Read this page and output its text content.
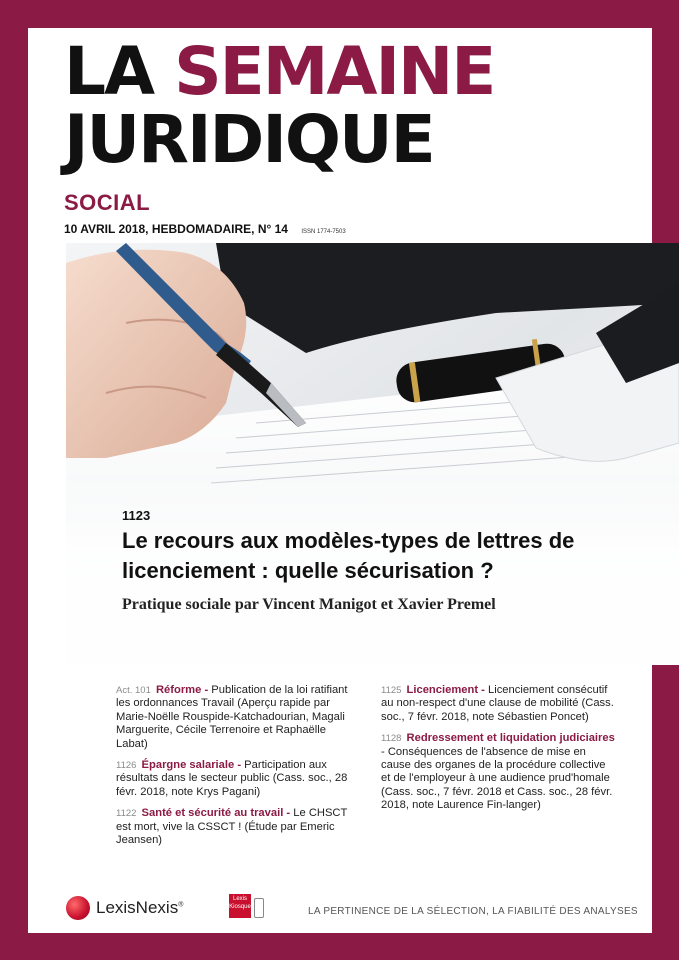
LA SEMAINE
JURIDIQUE
SOCIAL
10 AVRIL 2018, HEBDOMADAIRE, N° 14 ISSN 1774-7503
1123
Le recours aux modèles-types de lettres de licenciement : quelle sécurisation ?
Pratique sociale par Vincent Manigot et Xavier Premel
Act. 101 Réforme - Publication de la loi ratifiant les ordonnances Travail (Aperçu rapide par Marie-Noëlle Rouspide-Katchadourian, Magali Marguerite, Cécile Terrenoire et Raphaëlle Labat)
1126 Épargne salariale - Participation aux résultats dans le secteur public (Cass. soc., 28 févr. 2018, note Krys Pagani)
1122 Santé et sécurité au travail - Le CHSCT est mort, vive la CSSCT ! (Étude par Emeric Jeansen)
1125 Licenciement - Licenciement consécutif au non-respect d'une clause de mobilité (Cass. soc., 7 févr. 2018, note Sébastien Poncet)
1128 Redressement et liquidation judiciaires - Conséquences de l'absence de mise en cause des organes de la procédure collective et de l'employeur à une audience prud'homale (Cass. soc., 7 févr. 2018 et Cass. soc., 28 févr. 2018, note Laurence Fin-langer)
LexisNexis®
Lexis
Kiosque	LA PERTINENCE DE LA SÉLECTION, LA FIABILITÉ DES ANALYSES
